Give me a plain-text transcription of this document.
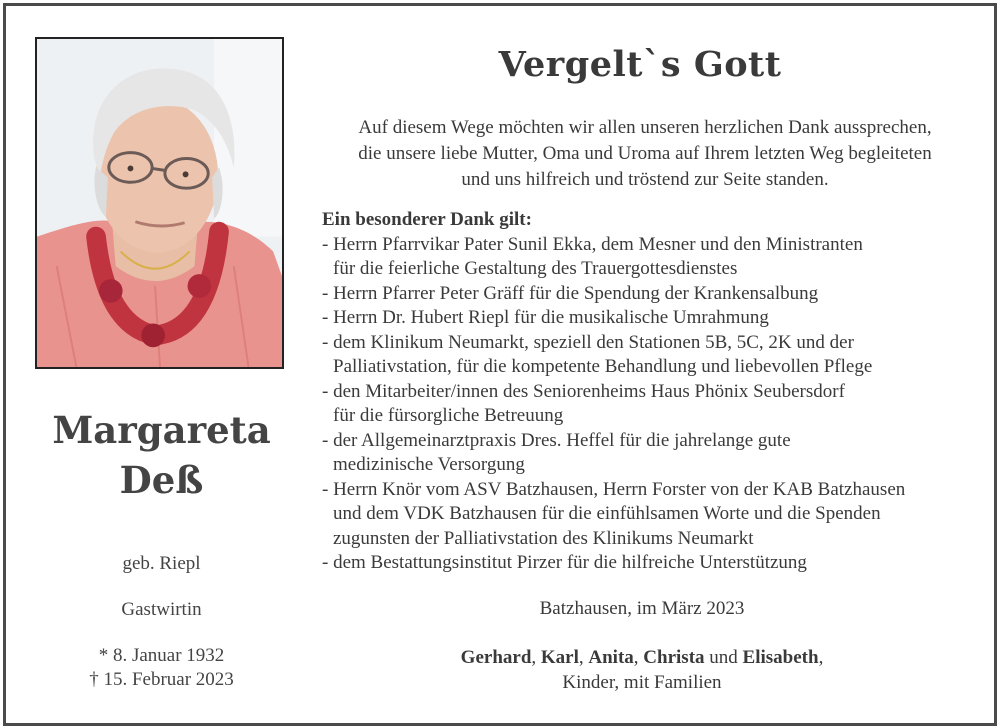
Margareta
Deß
geb. Riepl
Gastwirtin
* 8. Januar 1932
† 15. Februar 2023
Vergelt`s Gott
Auf diesem Wege möchten wir allen unseren herzlichen Dank aussprechen,
die unsere liebe Mutter, Oma und Uroma auf Ihrem letzten Weg begleiteten
und uns hilfreich und tröstend zur Seite standen.
Ein besonderer Dank gilt:
- Herrn Pfarrvikar Pater Sunil Ekka, dem Mesner und den Ministranten
für die feierliche Gestaltung des Trauergottesdienstes
- Herrn Pfarrer Peter Gräff für die Spendung der Krankensalbung
- Herrn Dr. Hubert Riepl für die musikalische Umrahmung
- dem Klinikum Neumarkt, speziell den Stationen 5B, 5C, 2K und der
Palliativstation, für die kompetente Behandlung und liebevollen Pflege
- den Mitarbeiter/innen des Seniorenheims Haus Phönix Seubersdorf
für die fürsorgliche Betreuung
- der Allgemeinarztpraxis Dres. Heffel für die jahrelange gute
medizinische Versorgung
- Herrn Knör vom ASV Batzhausen, Herrn Forster von der KAB Batzhausen
und dem VDK Batzhausen für die einfühlsamen Worte und die Spenden
zugunsten der Palliativstation des Klinikums Neumarkt
- dem Bestattungsinstitut Pirzer für die hilfreiche Unterstützung
Batzhausen, im März 2023
Gerhard, Karl, Anita, Christa und Elisabeth,
Kinder, mit Familien
